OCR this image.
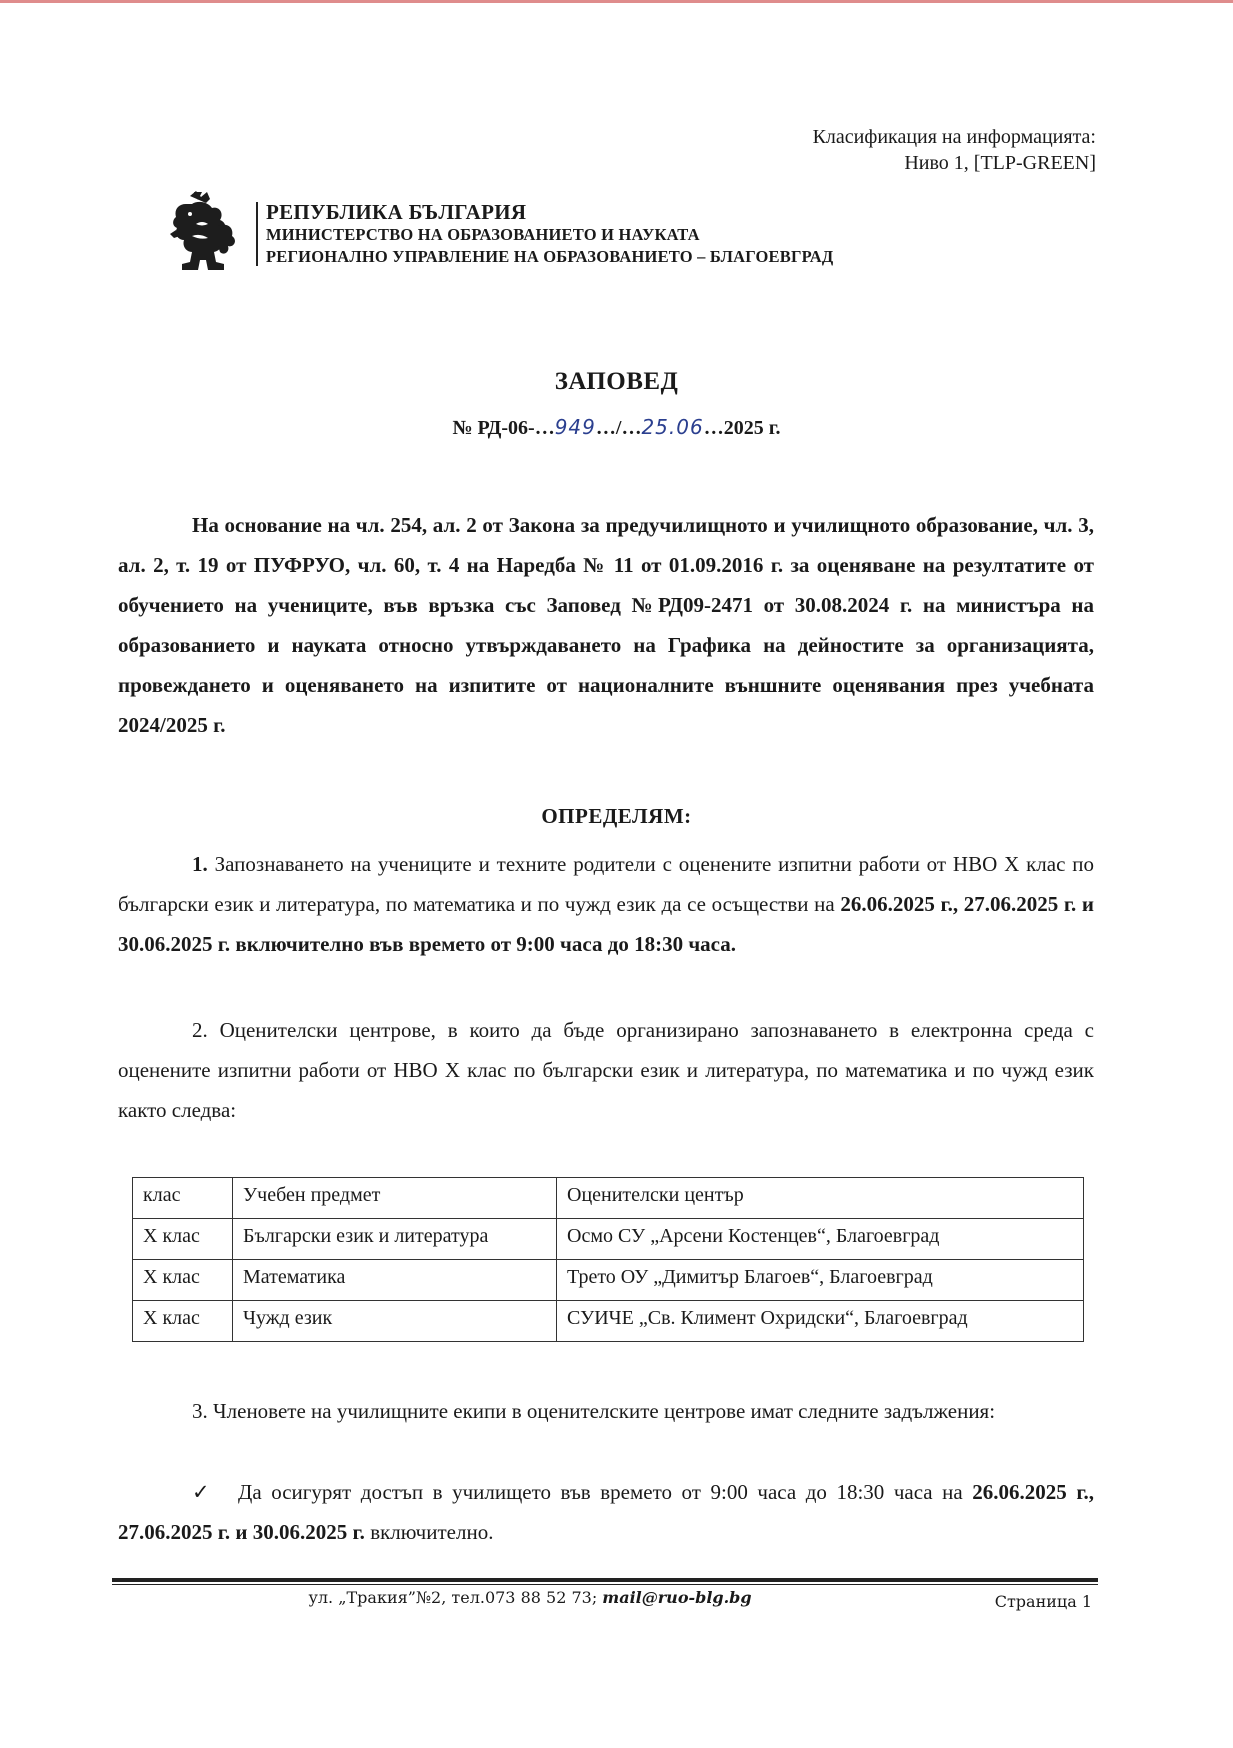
Класификация на информацията:
Ниво 1, [TLP-GREEN]
РЕПУБЛИКА БЪЛГАРИЯ
МИНИСТЕРСТВО НА ОБРАЗОВАНИЕТО И НАУКАТА
РЕГИОНАЛНО УПРАВЛЕНИЕ НА ОБРАЗОВАНИЕТО – БЛАГОЕВГРАД
ЗАПОВЕД
№ РД-06-…949…/…25.06…2025 г.
На основание на чл. 254, ал. 2 от Закона за предучилищното и училищното образование, чл. 3, ал. 2, т. 19 от ПУФРУО, чл. 60, т. 4 на Наредба № 11 от 01.09.2016 г. за оценяване на резултатите от обучението на учениците, във връзка със Заповед №РД09-2471 от 30.08.2024 г. на министъра на образованието и науката относно утвърждаването на Графика на дейностите за организацията, провеждането и оценяването на изпитите от националните външните оценявания през учебната 2024/2025 г.
ОПРЕДЕЛЯМ:
1. Запознаването на учениците и техните родители с оценените изпитни работи от НВО X клас по български език и литература, по математика и по чужд език да се осъществи на 26.06.2025 г., 27.06.2025 г. и 30.06.2025 г. включително във времето от 9:00 часа до 18:30 часа.
2. Оценителски центрове, в които да бъде организирано запознаването в електронна среда с оценените изпитни работи от НВО X клас по български език и литература, по математика и по чужд език както следва:
клас	Учебен предмет	Оценителски център
X клас	Български език и литература	Осмо СУ „Арсени Костенцев“, Благоевград
X клас	Математика	Трето ОУ „Димитър Благоев“, Благоевград
X клас	Чужд език	СУИЧЕ „Св. Климент Охридски“, Благоевград
3. Членовете на училищните екипи в оценителските центрове имат следните задължения:
✓ Да осигурят достъп в училището във времето от 9:00 часа до 18:30 часа на 26.06.2025 г., 27.06.2025 г. и 30.06.2025 г. включително.
ул. „Тракия”№2, тел.073 88 52 73; mail@ruo-blg.bg	Страница 1
